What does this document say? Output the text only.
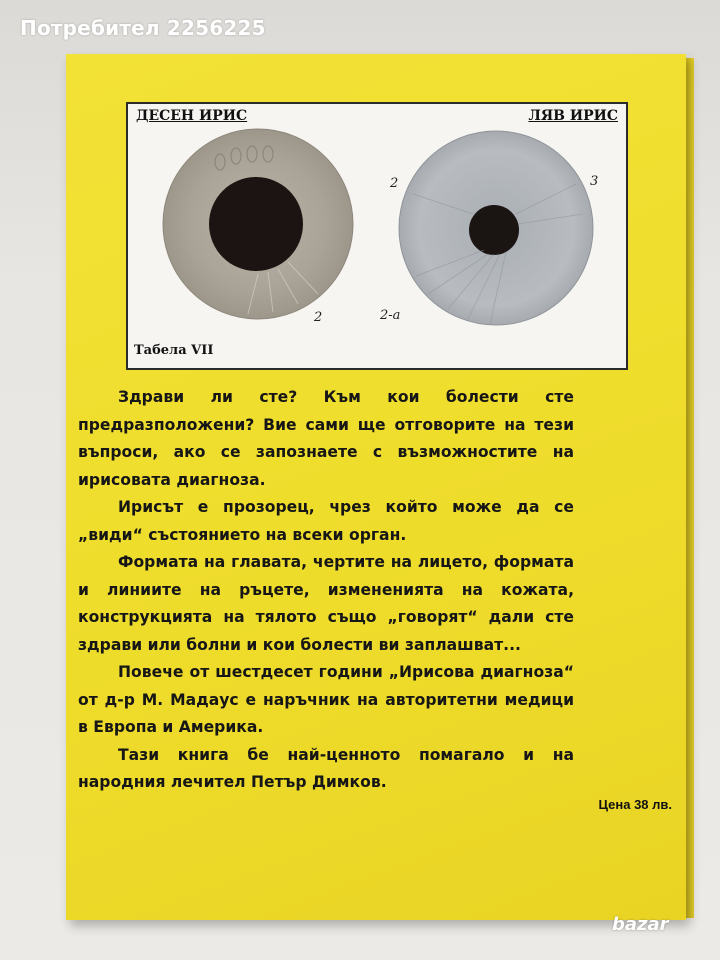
Потребител 2256225
ДЕСЕН ИРИС	ЛЯВ ИРИС
2	3
2	2-а
Табела VII

Здрави ли сте? Към кои болести сте предразположени? Вие сами ще отговорите на тези въпроси, ако се запознаете с възможностите на ирисовата диагноза.

Ирисът е прозорец, чрез който може да се „види“ състоянието на всеки орган.

Формата на главата, чертите на лицето, формата и линиите на ръцете, измененията на кожата, конструкцията на тялото също „говорят“ дали сте здрави или болни и кои болести ви заплашват...

Повече от шестдесет години „Ирисова диагноза“ от д-р М. Мадаус е наръчник на авторитетни медици в Европа и Америка.

Тази книга бе най-ценното помагало и на народния лечител Петър Димков.

Цена 38 лв.
bazar
